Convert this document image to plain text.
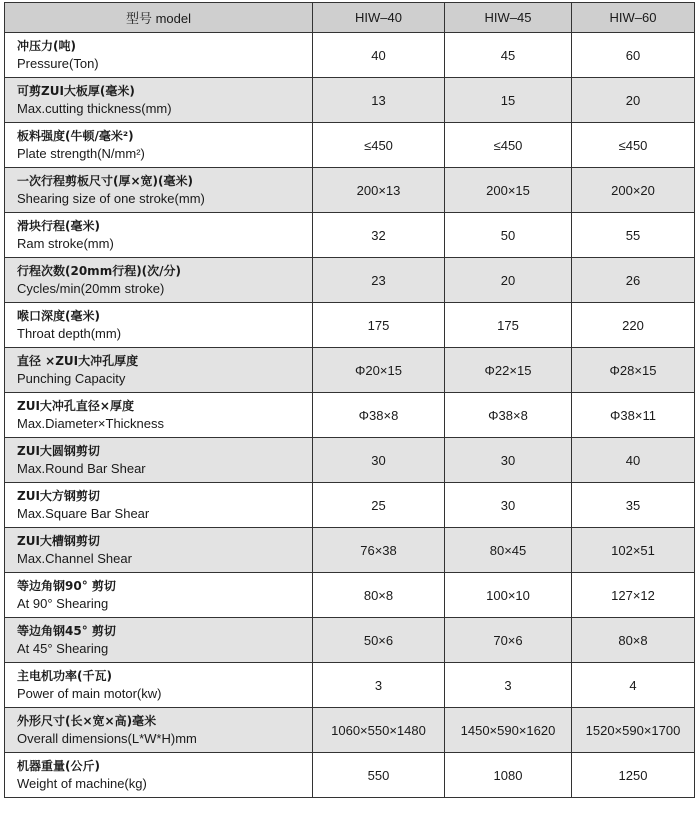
型号 model	HIW–40	HIW–45	HIW–60

冲压力(吨)
Pressure(Ton)	40	45	60

可剪ZUI大板厚(毫米)
Max.cutting thickness(mm)	13	15	20

板料强度(牛顿/毫米²)
Plate strength(N/mm²)	≤450	≤450	≤450

一次行程剪板尺寸(厚×宽)(毫米)
Shearing size of one stroke(mm)	200×13	200×15	200×20

滑块行程(毫米)
Ram stroke(mm)	32	50	55

行程次数(20mm行程)(次/分)
Cycles/min(20mm stroke)	23	20	26

喉口深度(毫米)
Throat depth(mm)	175	175	220

直径 ×ZUI大冲孔厚度
Punching Capacity	Φ20×15	Φ22×15	Φ28×15

ZUI大冲孔直径×厚度
Max.Diameter×Thickness	Φ38×8	Φ38×8	Φ38×11

ZUI大圆钢剪切
Max.Round Bar Shear	30	30	40

ZUI大方钢剪切
Max.Square Bar Shear	25	30	35

ZUI大槽钢剪切
Max.Channel Shear	76×38	80×45	102×51

等边角钢90° 剪切
At 90° Shearing	80×8	100×10	127×12

等边角钢45° 剪切
At 45° Shearing	50×6	70×6	80×8

主电机功率(千瓦)
Power of main motor(kw)	3	3	4

外形尺寸(长×宽×高)毫米
Overall dimensions(L*W*H)mm	1060×550×1480	1450×590×1620	1520×590×1700

机器重量(公斤)
Weight of machine(kg)	550	1080	1250
